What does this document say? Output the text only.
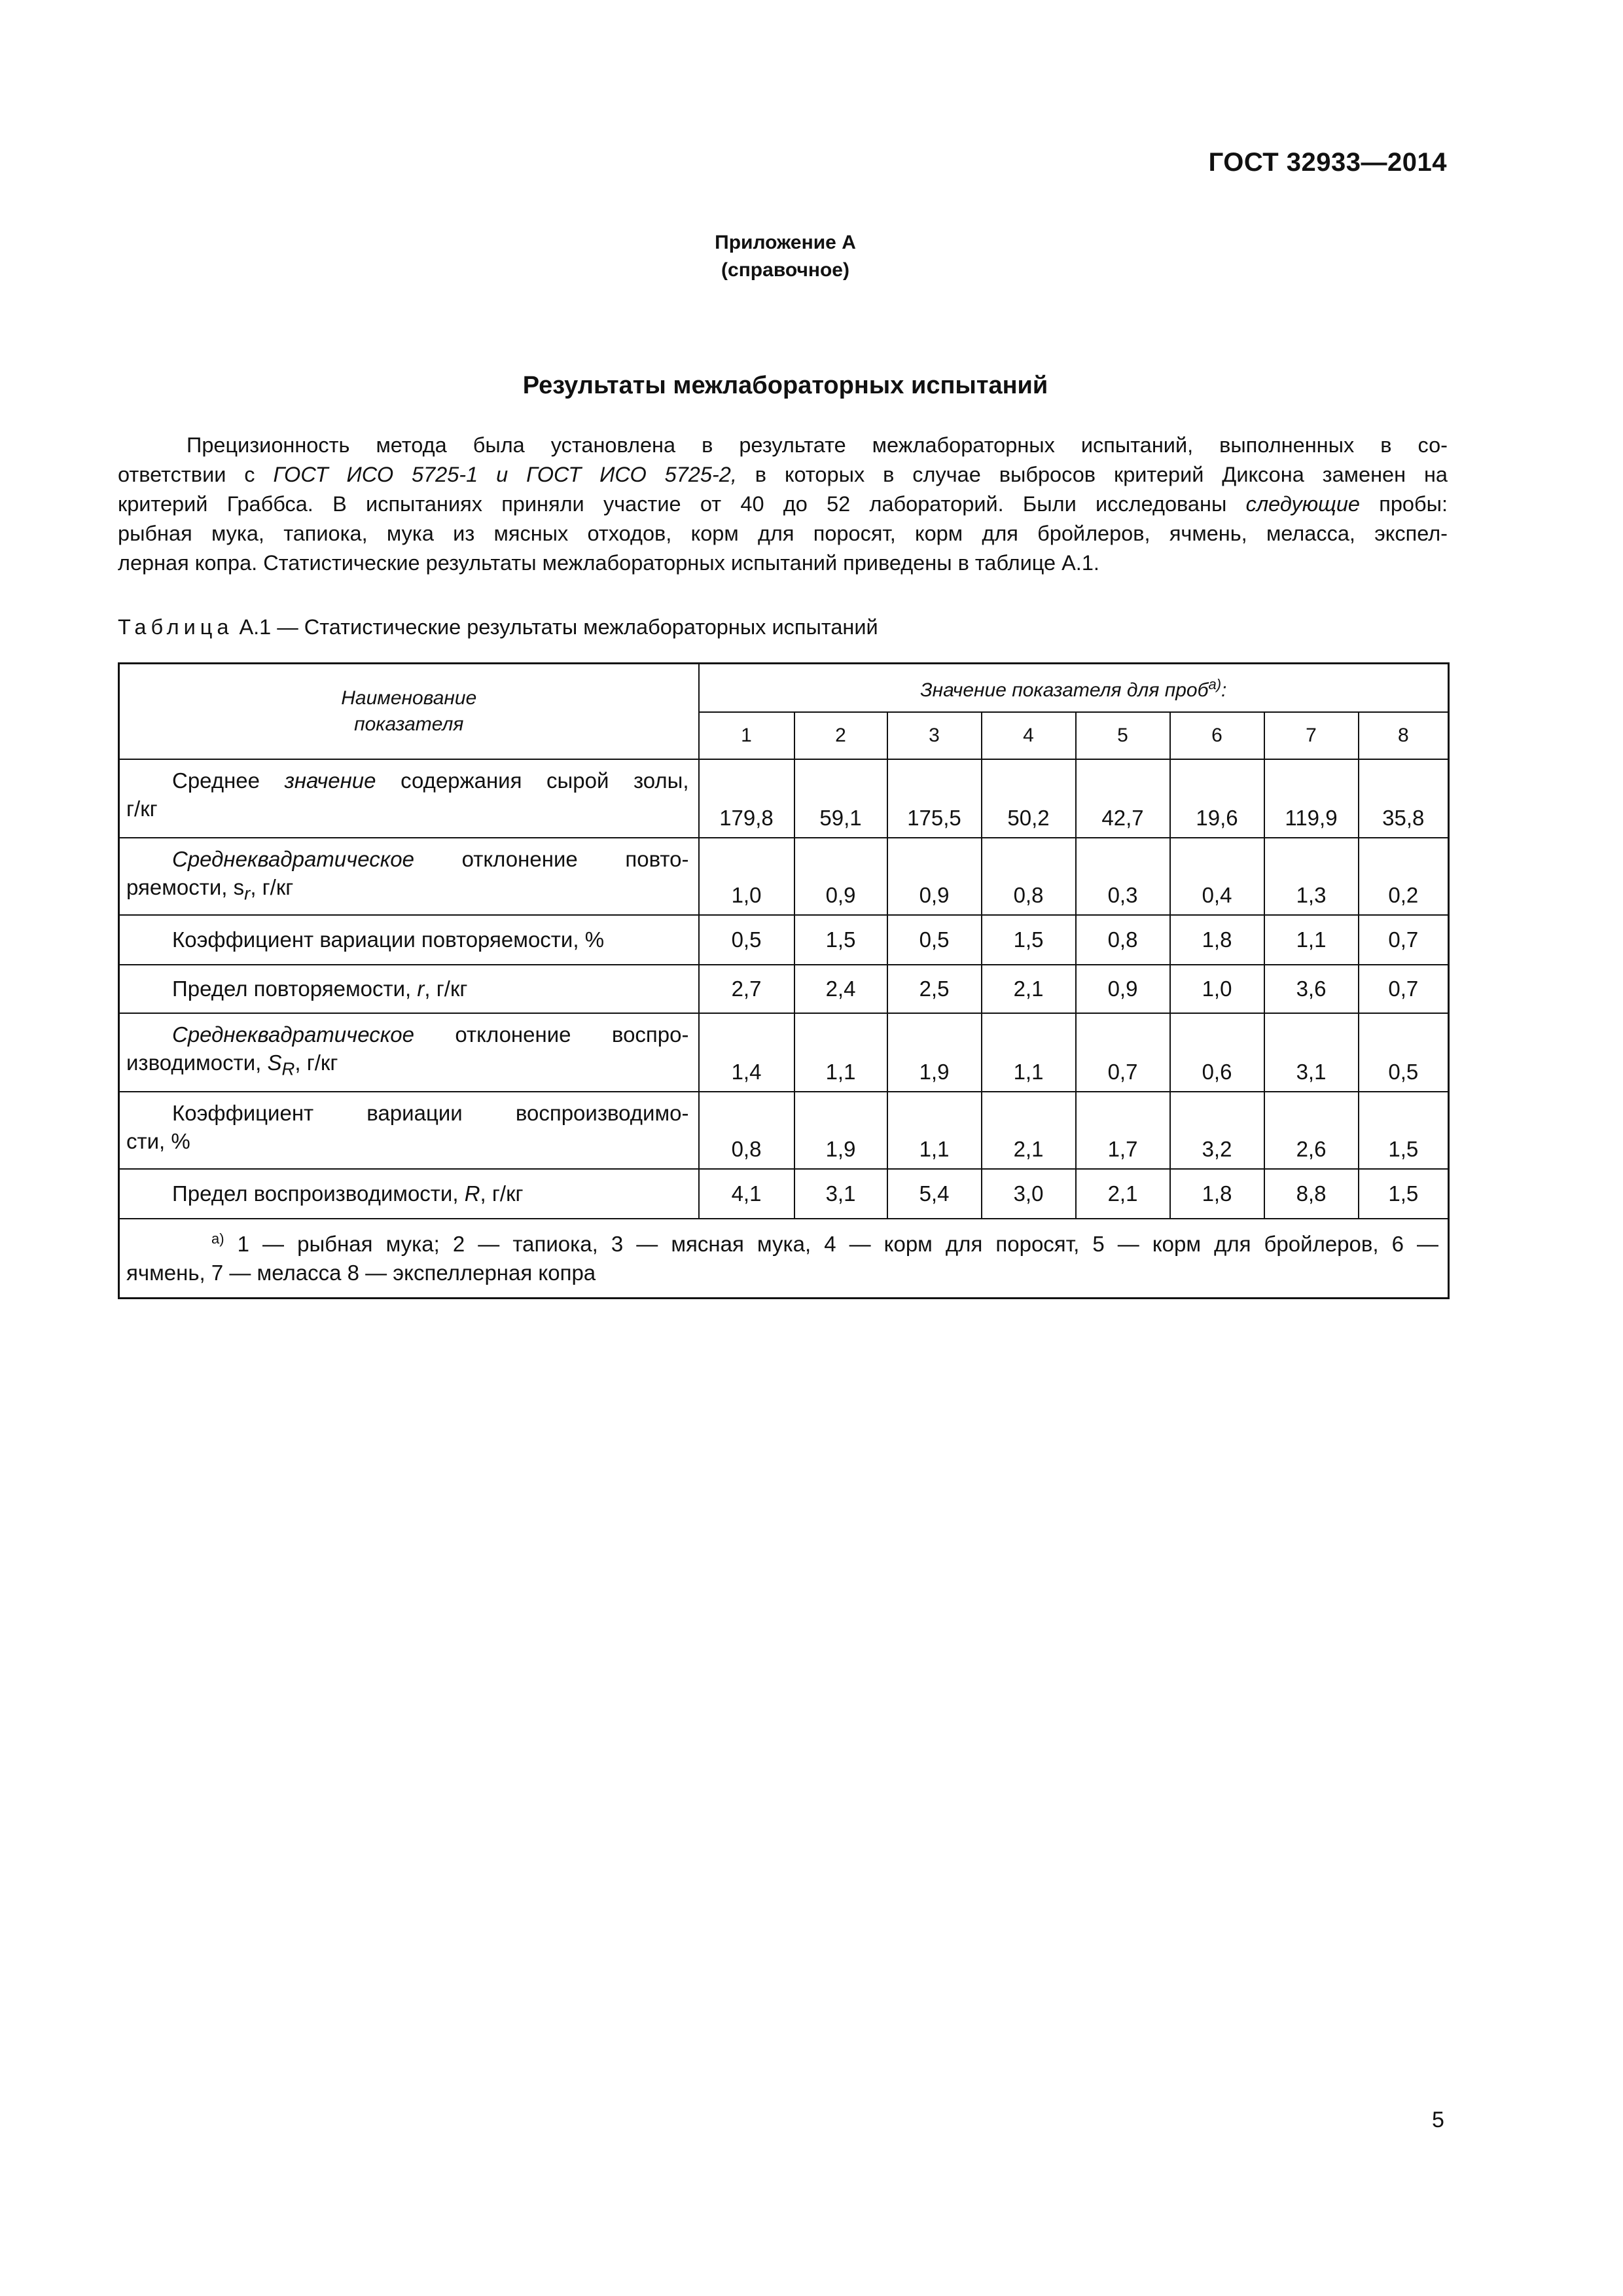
ГОСТ 32933—2014
Приложение А
(справочное)
Результаты межлабораторных испытаний
Прецизионность метода была установлена в результате межлабораторных испытаний, выполненных в со-
ответствии с ГОСТ ИСО 5725-1 и ГОСТ ИСО 5725-2, в которых в случае выбросов критерий Диксона заменен на
критерий Граббса. В испытаниях приняли участие от 40 до 52 лабораторий. Были исследованы следующие пробы:
рыбная мука, тапиока, мука из мясных отходов, корм для поросят, корм для бройлеров, ячмень, меласса, экспел-
лерная копра. Статистические результаты межлабораторных испытаний приведены в таблице А.1.
Таблица А.1 — Статистические результаты межлабораторных испытаний
Наименование
показателя	Значение показателя для проб$^{а)}$:							
	1	2	3	4	5	6	7	8

Среднее значение содержания сырой золы,
г/кг	179,8	59,1	175,5	50,2	42,7	19,6	119,9	35,8

Среднеквадратическое отклонение повто-
ряемости, $s_r$, г/кг	1,0	0,9	0,9	0,8	0,3	0,4	1,3	0,2

Коэффициент вариации повторяемости, %	0,5	1,5	0,5	1,5	0,8	1,8	1,1	0,7

Предел повторяемости, r, г/кг	2,7	2,4	2,5	2,1	0,9	1,0	3,6	0,7

Среднеквадратическое отклонение воспро-
изводимости, $S_R$, г/кг	1,4	1,1	1,9	1,1	0,7	0,6	3,1	0,5

Коэффициент вариации воспроизводимо-
сти, %	0,8	1,9	1,1	2,1	1,7	3,2	2,6	1,5

Предел воспроизводимости, R, г/кг	4,1	3,1	5,4	3,0	2,1	1,8	8,8	1,5

$^{а)}$ 1 — рыбная мука; 2 — тапиока, 3 — мясная мука, 4 — корм для поросят, 5 — корм для бройлеров, 6 —
ячмень, 7 — меласса 8 — экспеллерная копра								
5
